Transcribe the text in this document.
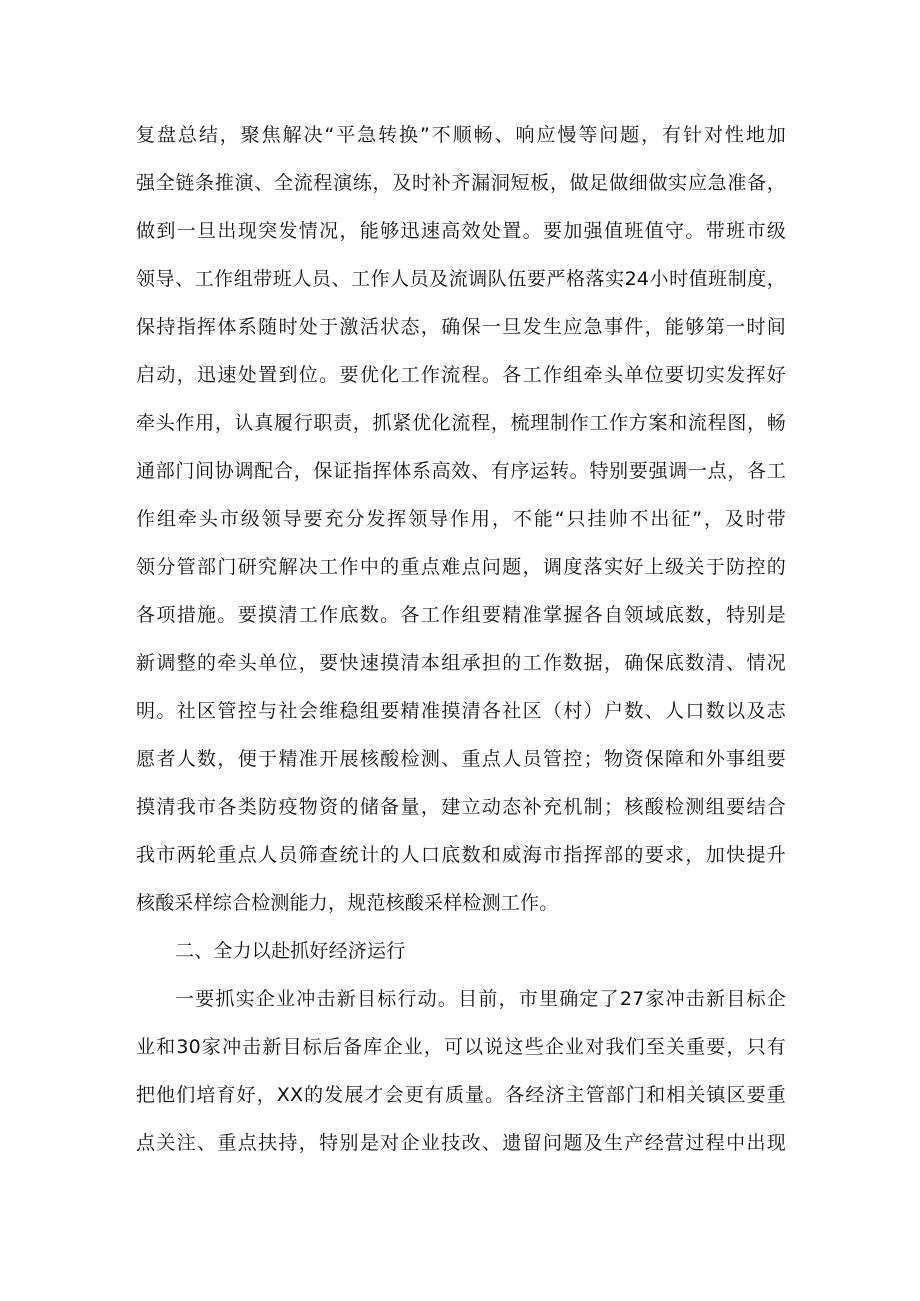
复盘总结，聚焦解决“平急转换”不顺畅、响应慢等问题，有针对性地加
强全链条推演、全流程演练，及时补齐漏洞短板，做足做细做实应急准备，
做到一旦出现突发情况，能够迅速高效处置。要加强值班值守。带班市级
领导、工作组带班人员、工作人员及流调队伍要严格落实24小时值班制度，
保持指挥体系随时处于激活状态，确保一旦发生应急事件，能够第一时间
启动，迅速处置到位。要优化工作流程。各工作组牵头单位要切实发挥好
牵头作用，认真履行职责，抓紧优化流程，梳理制作工作方案和流程图，畅
通部门间协调配合，保证指挥体系高效、有序运转。特别要强调一点，各工
作组牵头市级领导要充分发挥领导作用，不能“只挂帅不出征”，及时带
领分管部门研究解决工作中的重点难点问题，调度落实好上级关于防控的
各项措施。要摸清工作底数。各工作组要精准掌握各自领域底数，特别是
新调整的牵头单位，要快速摸清本组承担的工作数据，确保底数清、情况
明。社区管控与社会维稳组要精准摸清各社区（村）户数、人口数以及志
愿者人数，便于精准开展核酸检测、重点人员管控；物资保障和外事组要
摸清我市各类防疫物资的储备量，建立动态补充机制；核酸检测组要结合
我市两轮重点人员筛查统计的人口底数和威海市指挥部的要求，加快提升
核酸采样综合检测能力，规范核酸采样检测工作。
二、全力以赴抓好经济运行
一要抓实企业冲击新目标行动。目前，市里确定了27家冲击新目标企
业和30家冲击新目标后备库企业，可以说这些企业对我们至关重要，只有
把他们培育好，XX的发展才会更有质量。各经济主管部门和相关镇区要重
点关注、重点扶持，特别是对企业技改、遗留问题及生产经营过程中出现
